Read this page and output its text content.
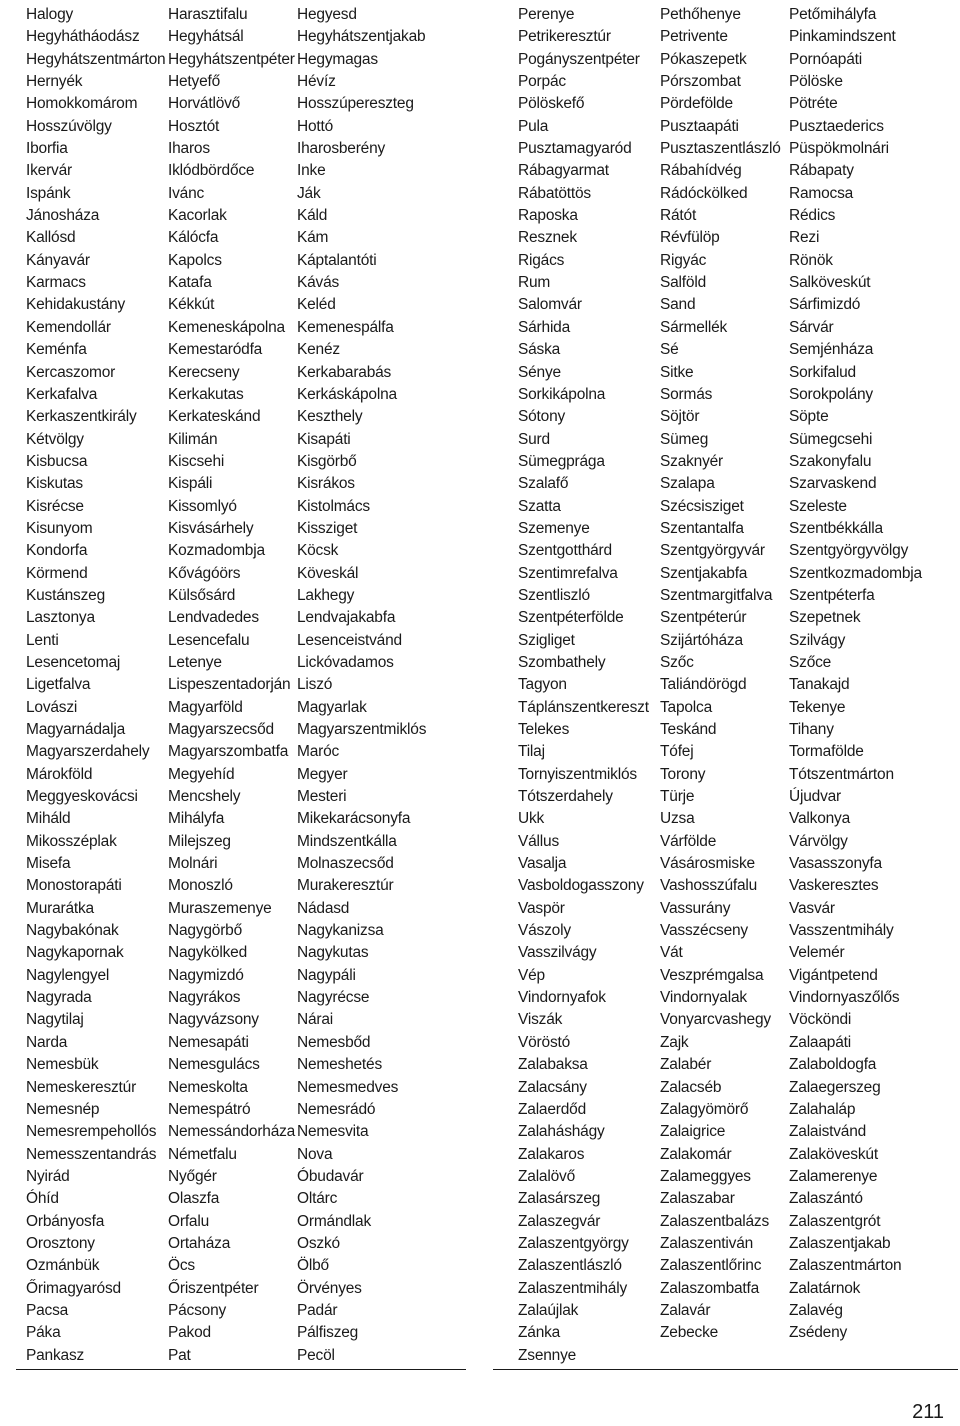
Halogy
Hegyhátháodász
Hegyhátszentmárton
Hernyék
Homokkomárom
Hosszúvölgy
Iborfia
Ikervár
Ispánk
Jánosháza
Kallósd
Kányavár
Karmacs
Kehidakustány
Kemendollár
Keménfa
Kercaszomor
Kerkafalva
Kerkaszentkirály
Kétvölgy
Kisbucsa
Kiskutas
Kisrécse
Kisunyom
Kondorfa
Körmend
Kustánszeg
Lasztonya
Lenti
Lesencetomaj
Ligetfalva
Lovászi
Magyarnádalja
Magyarszerdahely
Márokföld
Meggyeskovácsi
Miháld
Mikosszéplak
Misefa
Monostorapáti
Murarátka
Nagybakónak
Nagykapornak
Nagylengyel
Nagyrada
Nagytilaj
Narda
Nemesbük
Nemeskeresztúr
Nemesnép
Nemesrempehollós
Nemesszentandrás
Nyirád
Óhíd
Orbányosfa
Orosztony
Ozmánbük
Őrimagyarósd
Pacsa
Páka
Pankasz
Harasztifalu
Hegyhátsál
Hegyhátszentpéter
Hetyefő
Horvátlövő
Hosztót
Iharos
Iklódbördőce
Ivánc
Kacorlak
Kálócfa
Kapolcs
Katafa
Kékkút
Kemeneskápolna
Kemestaródfa
Kerecseny
Kerkakutas
Kerkateskánd
Kilimán
Kiscsehi
Kispáli
Kissomlyó
Kisvásárhely
Kozmadombja
Kővágóörs
Külsősárd
Lendvadedes
Lesencefalu
Letenye
Lispeszentadorján
Magyarföld
Magyarszecsőd
Magyarszombatfa
Megyehíd
Mencshely
Mihályfa
Milejszeg
Molnári
Monoszló
Muraszemenye
Nagygörbő
Nagykölked
Nagymizdó
Nagyrákos
Nagyvázsony
Nemesapáti
Nemesgulács
Nemeskolta
Nemespátró
Nemessándorháza
Németfalu
Nyőgér
Olaszfa
Orfalu
Ortaháza
Öcs
Őriszentpéter
Pácsony
Pakod
Pat
Hegyesd
Hegyhátszentjakab
Hegymagas
Hévíz
Hosszúpereszteg
Hottó
Iharosberény
Inke
Ják
Káld
Kám
Káptalantóti
Kávás
Keléd
Kemenespálfa
Kenéz
Kerkabarabás
Kerkáskápolna
Keszthely
Kisapáti
Kisgörbő
Kisrákos
Kistolmács
Kissziget
Köcsk
Köveskál
Lakhegy
Lendvajakabfa
Lesenceistvánd
Lickóvadamos
Liszó
Magyarlak
Magyarszentmiklós
Maróc
Megyer
Mesteri
Mikekarácsonyfa
Mindszentkálla
Molnaszecsőd
Murakeresztúr
Nádasd
Nagykanizsa
Nagykutas
Nagypáli
Nagyrécse
Nárai
Nemesbőd
Nemeshetés
Nemesmedves
Nemesrádó
Nemesvita
Nova
Óbudavár
Oltárc
Ormándlak
Oszkó
Ölbő
Örvényes
Padár
Pálfiszeg
Pecöl
Perenye
Petrikeresztúr
Pogányszentpéter
Porpác
Pölöskefő
Pula
Pusztamagyaród
Rábagyarmat
Rábatöttös
Raposka
Resznek
Rigács
Rum
Salomvár
Sárhida
Sáska
Sénye
Sorkikápolna
Sótony
Surd
Sümegprága
Szalafő
Szatta
Szemenye
Szentgotthárd
Szentimrefalva
Szentliszló
Szentpéterfölde
Szigliget
Szombathely
Tagyon
Táplánszentkereszt
Telekes
Tilaj
Tornyiszentmiklós
Tótszerdahely
Ukk
Vállus
Vasalja
Vasboldogasszony
Vaspör
Vászoly
Vasszilvágy
Vép
Vindornyafok
Viszák
Vöröstó
Zalabaksa
Zalacsány
Zalaerdőd
Zalaháshágy
Zalakaros
Zalalövő
Zalasárszeg
Zalaszegvár
Zalaszentgyörgy
Zalaszentlászló
Zalaszentmihály
Zalaújlak
Zánka
Zsennye
Pethőhenye
Petrivente
Pókaszepetk
Pórszombat
Pördefölde
Pusztaapáti
Pusztaszentlászló
Rábahídvég
Rádóckölked
Rátót
Révfülöp
Rigyác
Salföld
Sand
Sármellék
Sé
Sitke
Sormás
Söjtör
Sümeg
Szaknyér
Szalapa
Szécsisziget
Szentantalfa
Szentgyörgyvár
Szentjakabfa
Szentmargitfalva
Szentpéterúr
Szijártóháza
Szőc
Taliándörögd
Tapolca
Teskánd
Tófej
Torony
Türje
Uzsa
Várfölde
Vásárosmiske
Vashosszúfalu
Vassurány
Vasszécseny
Vát
Veszprémgalsa
Vindornyalak
Vonyarcvashegy
Zajk
Zalabér
Zalacséb
Zalagyömörő
Zalaigrice
Zalakomár
Zalameggyes
Zalaszabar
Zalaszentbalázs
Zalaszentiván
Zalaszentlőrinc
Zalaszombatfa
Zalavár
Zebecke
Petőmihályfa
Pinkamindszent
Pornóapáti
Pölöske
Pötréte
Pusztaederics
Püspökmolnári
Rábapaty
Ramocsa
Rédics
Rezi
Rönök
Salköveskút
Sárfimizdó
Sárvár
Semjénháza
Sorkifalud
Sorokpolány
Söpte
Sümegcsehi
Szakonyfalu
Szarvaskend
Szeleste
Szentbékkálla
Szentgyörgyvölgy
Szentkozmadombja
Szentpéterfa
Szepetnek
Szilvágy
Szőce
Tanakajd
Tekenye
Tihany
Tormafölde
Tótszentmárton
Újudvar
Valkonya
Várvölgy
Vasasszonyfa
Vaskeresztes
Vasvár
Vasszentmihály
Velemér
Vigántpetend
Vindornyaszőlős
Vöcköndi
Zalaapáti
Zalaboldogfa
Zalaegerszeg
Zalahaláp
Zalaistvánd
Zalaköveskút
Zalamerenye
Zalaszántó
Zalaszentgrót
Zalaszentjakab
Zalaszentmárton
Zalatárnok
Zalavég
Zsédeny
211
